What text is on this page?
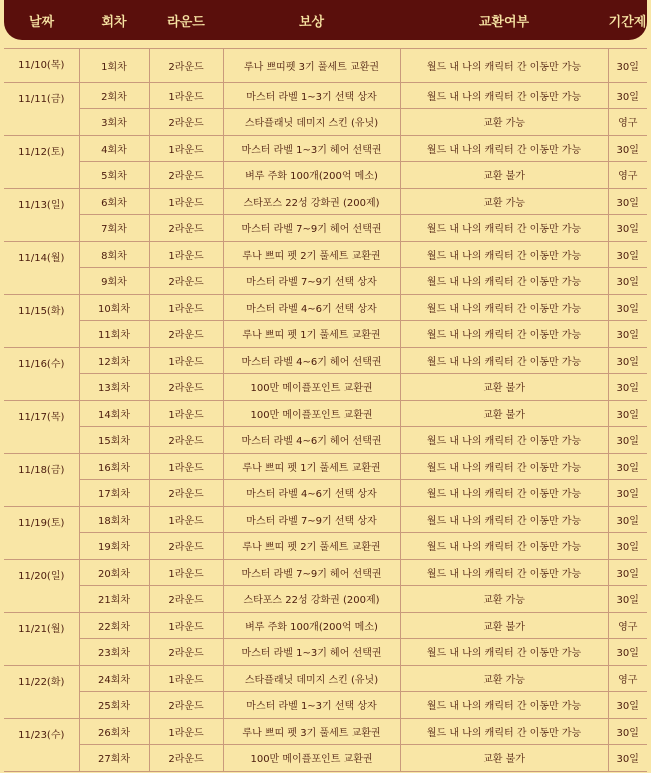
날짜	회차	라운드	보상	교환여부	기간제
11/10(목)	1회차	2라운드	루나 쁘띠펫 3기 풀세트 교환권	월드 내 나의 캐릭터 간 이동만 가능	30일
11/11(금)	2회차	1라운드	마스터 라벨 1~3기 선택 상자	월드 내 나의 캐릭터 간 이동만 가능	30일
	3회차	2라운드	스타플래닛 데미지 스킨 (유닛)	교환 가능	영구
11/12(토)	4회차	1라운드	마스터 라벨 1~3기 헤어 선택권	월드 내 나의 캐릭터 간 이동만 가능	30일
	5회차	2라운드	벼루 주화 100개(200억 메소)	교환 불가	영구
11/13(일)	6회차	1라운드	스타포스 22성 강화권 (200제)	교환 가능	30일
	7회차	2라운드	마스터 라벨 7~9기 헤어 선택권	월드 내 나의 캐릭터 간 이동만 가능	30일
11/14(월)	8회차	1라운드	루나 쁘띠 펫 2기 풀세트 교환권	월드 내 나의 캐릭터 간 이동만 가능	30일
	9회차	2라운드	마스터 라벨 7~9기 선택 상자	월드 내 나의 캐릭터 간 이동만 가능	30일
11/15(화)	10회차	1라운드	마스터 라벨 4~6기 선택 상자	월드 내 나의 캐릭터 간 이동만 가능	30일
	11회차	2라운드	루나 쁘띠 펫 1기 풀세트 교환권	월드 내 나의 캐릭터 간 이동만 가능	30일
11/16(수)	12회차	1라운드	마스터 라벨 4~6기 헤어 선택권	월드 내 나의 캐릭터 간 이동만 가능	30일
	13회차	2라운드	100만 메이플포인트 교환권	교환 불가	30일
11/17(목)	14회차	1라운드	100만 메이플포인트 교환권	교환 불가	30일
	15회차	2라운드	마스터 라벨 4~6기 헤어 선택권	월드 내 나의 캐릭터 간 이동만 가능	30일
11/18(금)	16회차	1라운드	루나 쁘띠 펫 1기 풀세트 교환권	월드 내 나의 캐릭터 간 이동만 가능	30일
	17회차	2라운드	마스터 라벨 4~6기 선택 상자	월드 내 나의 캐릭터 간 이동만 가능	30일
11/19(토)	18회차	1라운드	마스터 라벨 7~9기 선택 상자	월드 내 나의 캐릭터 간 이동만 가능	30일
	19회차	2라운드	루나 쁘띠 펫 2기 풀세트 교환권	월드 내 나의 캐릭터 간 이동만 가능	30일
11/20(일)	20회차	1라운드	마스터 라벨 7~9기 헤어 선택권	월드 내 나의 캐릭터 간 이동만 가능	30일
	21회차	2라운드	스타포스 22성 강화권 (200제)	교환 가능	30일
11/21(월)	22회차	1라운드	벼루 주화 100개(200억 메소)	교환 불가	영구
	23회차	2라운드	마스터 라벨 1~3기 헤어 선택권	월드 내 나의 캐릭터 간 이동만 가능	30일
11/22(화)	24회차	1라운드	스타플래닛 데미지 스킨 (유닛)	교환 가능	영구
	25회차	2라운드	마스터 라벨 1~3기 선택 상자	월드 내 나의 캐릭터 간 이동만 가능	30일
11/23(수)	26회차	1라운드	루나 쁘띠 펫 3기 풀세트 교환권	월드 내 나의 캐릭터 간 이동만 가능	30일
	27회차	2라운드	100만 메이플포인트 교환권	교환 불가	30일
